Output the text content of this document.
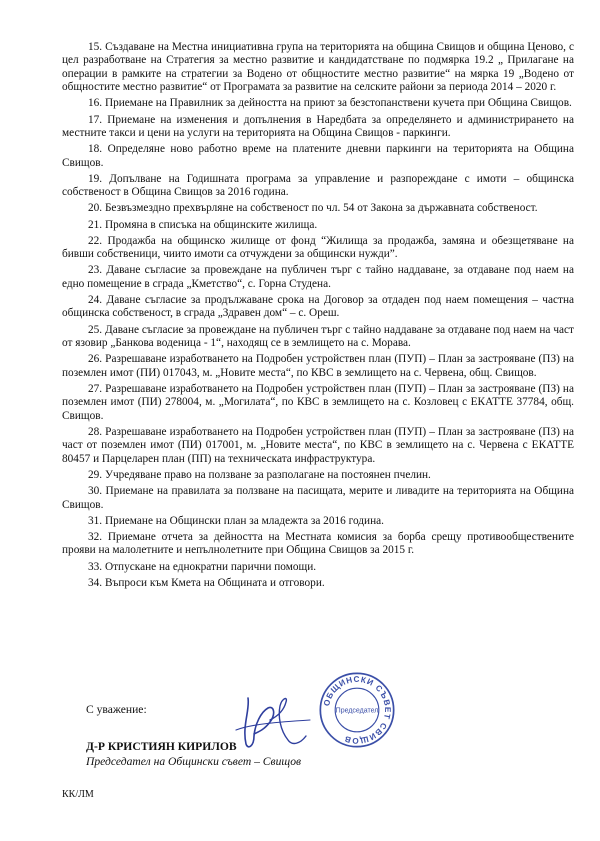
15. Създаване на Местна инициативна група на територията на община Свищов и община Ценово, с цел разработване на Стратегия за местно развитие и кандидатстване по подмярка 19.2 „ Прилагане на операции в рамките на стратегии за Водено от общностите местно развитие“ на мярка 19 „Водено от общностите местно развитие“ от Програмата за развитие на селските райони за периода 2014 – 2020 г.

16. Приемане на Правилник за дейността на приют за безстопанствени кучета при Община Свищов.

17. Приемане на изменения и допълнения в Наредбата за определянето и администрирането на местните такси и цени на услуги на територията на Община Свищов - паркинги.

18. Определяне ново работно време на платените дневни паркинги на територията на Община Свищов.

19. Допълване на Годишната програма за управление и разпореждане с имоти – общинска собственост в Община Свищов за 2016 година.

20. Безвъзмездно прехвърляне на собственост по чл. 54 от Закона за държавната собственост.

21. Промяна в списъка на общинските жилища.

22. Продажба на общинско жилище от фонд “Жилища за продажба, замяна и обезщетяване на бивши собственици, чиито имоти са отчуждени за общински нужди”.

23. Даване съгласие за провеждане на публичен търг с тайно наддаване, за отдаване под наем на едно помещение в сграда „Кметство“, с. Горна Студена.

24. Даване съгласие за продължаване срока на Договор за отдаден под наем помещения – частна общинска собственост, в сграда „Здравен дом“ – с. Ореш.

25. Даване съгласие за провеждане на публичен търг с тайно наддаване за отдаване под наем на част от язовир „Банкова воденица - 1“, находящ се в землището на с. Морава.

26. Разрешаване изработването на Подробен устройствен план (ПУП) – План за застрояване (ПЗ) на поземлен имот (ПИ) 017043, м. „Новите места“, по КВС в землището на с. Червена, общ. Свищов.

27. Разрешаване изработването на Подробен устройствен план (ПУП) – План за застрояване (ПЗ) на поземлен имот (ПИ) 278004, м. „Могилата“, по КВС в землището на с. Козловец с ЕКАТТЕ 37784, общ. Свищов.

28. Разрешаване изработването на Подробен устройствен план (ПУП) – План за застрояване (ПЗ) на част от поземлен имот (ПИ) 017001, м. „Новите места“, по КВС в землището на с. Червена с ЕКАТТЕ 80457 и Парцеларен план (ПП) на техническата инфраструктура.

29. Учредяване право на ползване за разполагане на постоянен пчелин.

30. Приемане на правилата за ползване на пасищата, мерите и ливадите на територията на Община Свищов.

31. Приемане на Общински план за младежта за 2016 година.

32. Приемане отчета за дейността на Местната комисия за борба срещу противообществените прояви на малолетните и непълнолетните при Община Свищов за 2015 г.

33. Отпускане на еднократни парични помощи.

34. Въпроси към Кмета на Общината и отговори.

ОБЩИНСКИ СЪВЕТ СВИЩОВ
Председател
С уважение:
Д-Р КРИСТИЯН КИРИЛОВ
Председател на Общински съвет – Свищов
КК/ЛМ
